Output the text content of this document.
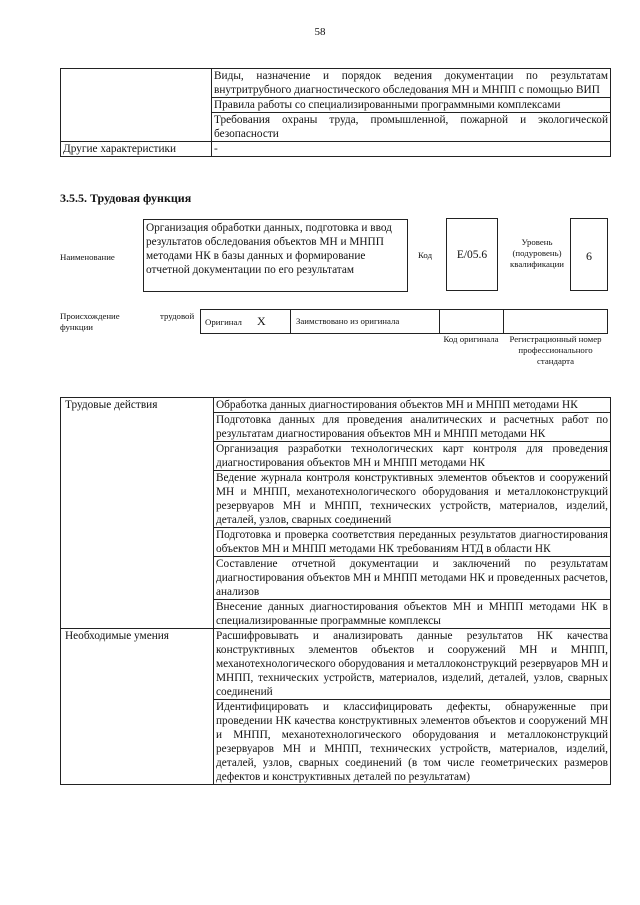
58
	Виды, назначение и порядок ведения документации по результатам внутритрубного диагностического обследования МН и МНПП с помощью ВИП
	Правила работы со специализированными программными комплексами
	Требования охраны труда, промышленной, пожарной и экологической безопасности
Другие характеристики	-
3.5.5. Трудовая функция
Наименование
Организация обработки данных, подготовка и ввод результатов обследования объектов МН и МНПП методами НК в базы данных и формирование отчетной документации по его результатам
Код	E/05.6
Уровень (подуровень) квалификации
6
Происхождение	трудовой
функции	Оригинал X	Заимствовано из оригинала
Код оригинала	Регистрационный номер профессионального стандарта
Трудовые действия	Обработка данных диагностирования объектов МН и МНПП методами НК
	Подготовка данных для проведения аналитических и расчетных работ по результатам диагностирования объектов МН и МНПП методами НК
	Организация разработки технологических карт контроля для проведения диагностирования объектов МН и МНПП методами НК
	Ведение журнала контроля конструктивных элементов объектов и сооружений МН и МНПП, механотехнологического оборудования и металлоконструкций резервуаров МН и МНПП, технических устройств, материалов, изделий, деталей, узлов, сварных соединений
	Подготовка и проверка соответствия переданных результатов диагностирования объектов МН и МНПП методами НК требованиям НТД в области НК
	Составление отчетной документации и заключений по результатам диагностирования объектов МН и МНПП методами НК и проведенных расчетов, анализов
	Внесение данных диагностирования объектов МН и МНПП методами НК в специализированные программные комплексы
Необходимые умения	Расшифровывать и анализировать данные результатов НК качества конструктивных элементов объектов и сооружений МН и МНПП, механотехнологического оборудования и металлоконструкций резервуаров МН и МНПП, технических устройств, материалов, изделий, деталей, узлов, сварных соединений
	Идентифицировать и классифицировать дефекты, обнаруженные при проведении НК качества конструктивных элементов объектов и сооружений МН и МНПП, механотехнологического оборудования и металлоконструкций резервуаров МН и МНПП, технических устройств, материалов, изделий, деталей, узлов, сварных соединений (в том числе геометрических размеров дефектов и конструктивных деталей по результатам)
